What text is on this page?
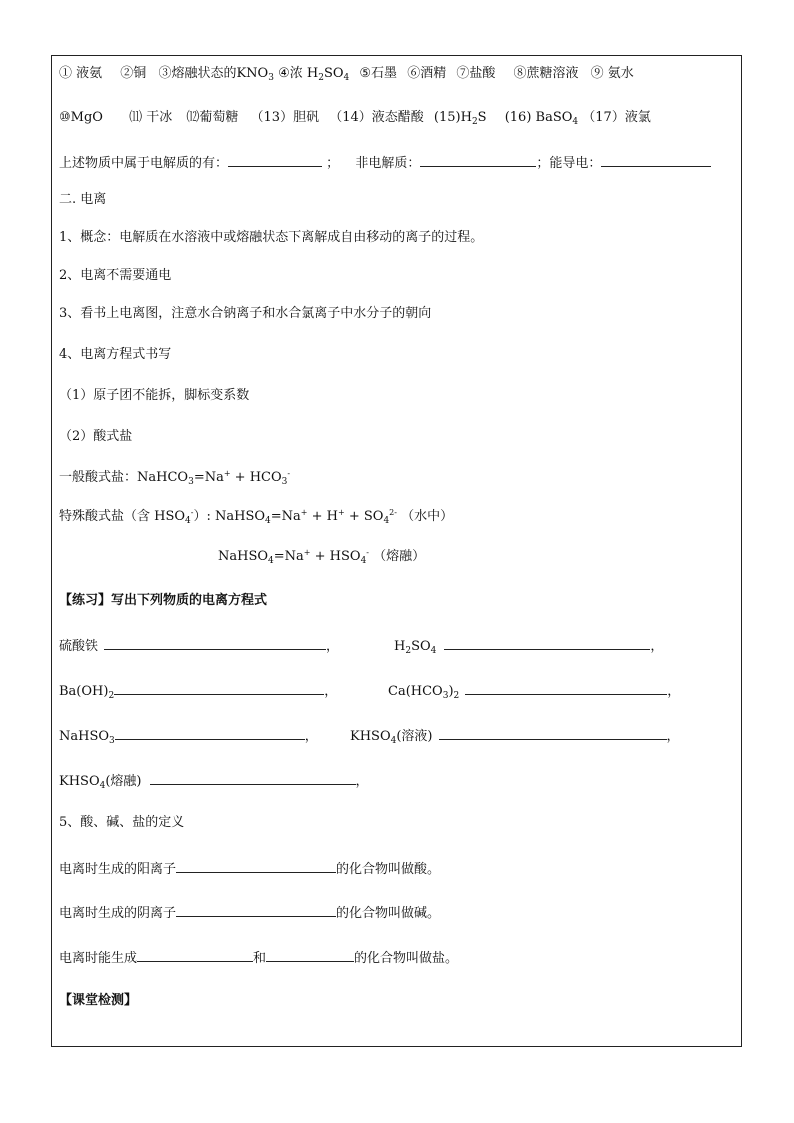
① 液氨 ②铜 ③熔融状态的$KNO_3$ ④浓 $H_2SO_4$ ⑤石墨 ⑥酒精 ⑦盐酸 ⑧蔗糖溶液 ⑨ 氨水
⑩MgO ⑾ 干冰 ⑿葡萄糖 （13）胆矾 （14）液态醋酸 $(15)H_2S$ (16) BaSO$_4$ （17）液氯
上述物质中属于电解质的有：	； 非电解质：	；能导电：
二. 电离
1、概念：电解质在水溶液中或熔融状态下离解成自由移动的离子的过程。
2、电离不需要通电
3、看书上电离图，注意水合钠离子和水合氯离子中水分子的朝向
4、电离方程式书写
（1）原子团不能拆，脚标变系数
（2）酸式盐
一般酸式盐：NaHCO$_3$=Na+ + $HCO_3^-$
特殊酸式盐（含 $HSO_4^-$）: NaHSO$_4$=Na+ + $H^+ + SO_4^{2-}$ （水中）
NaHSO$_4$=Na+ + $HSO_4^-$ （熔融）
【练习】写出下列物质的电离方程式
硫酸铁	，	$H_2SO_4$	，
$Ba(OH)_2$	，	$Ca(HCO_3)_2$	，
NaHSO$_3$	， $KHSO_4$(溶液)	，
$KHSO_4$(熔融)	，
5、酸、碱、盐的定义
电离时生成的阳离子	的化合物叫做酸。
电离时生成的阴离子	的化合物叫做碱。
电离时能生成	和	的化合物叫做盐。
【课堂检测】
